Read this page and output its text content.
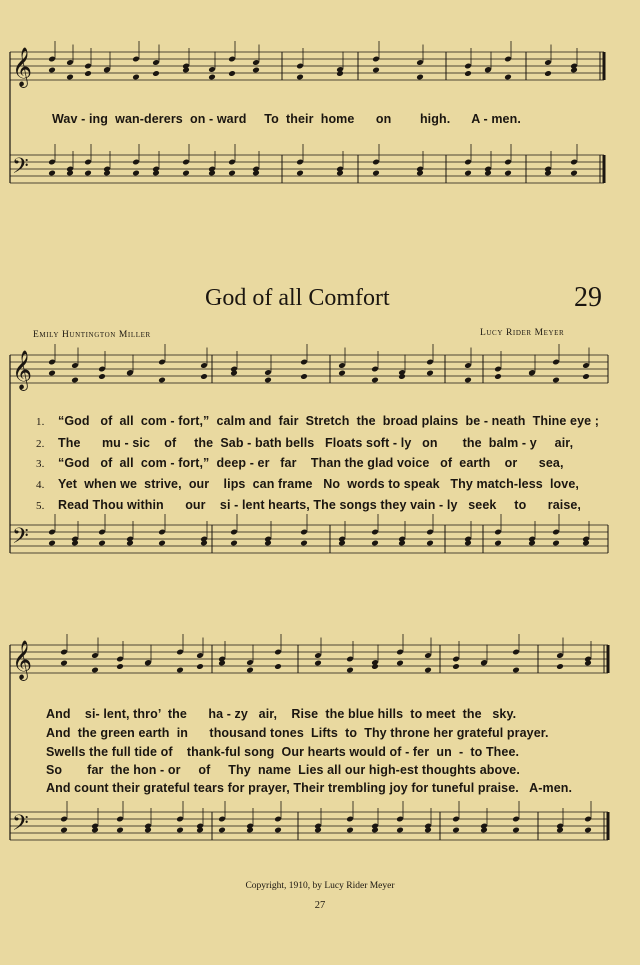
𝄞
𝄢
𝄞
𝄢
𝄞
𝄢
Wav - ing  wan-derers  on - ward     To  their  home      on        high.      A - men.
God of all Comfort	29
Emily Huntington Miller	Lucy Rider Meyer
1. “God   of  all  com - fort,”  calm and  fair  Stretch  the  broad plains  be - neath  Thine eye ;
2. The      mu - sic    of     the  Sab - bath bells   Floats soft - ly   on       the  balm - y     air,
3. “God   of  all  com - fort,”  deep - er   far    Than the glad voice   of  earth    or      sea,
4. Yet  when we  strive,  our    lips  can frame   No  words to speak   Thy match-less  love,
5. Read Thou within      our    si - lent hearts, The songs they vain - ly   seek     to      raise,
And    si- lent, thro’  the      ha - zy   air,    Rise  the blue hills  to meet  the   sky.
And  the green earth  in      thousand tones  Lifts  to  Thy throne her grateful prayer.
Swells the full tide of    thank-ful song  Our hearts would of - fer  un  -  to Thee.
So       far  the hon - or     of     Thy  name  Lies all our high-est thoughts above.
And count their grateful tears for prayer, Their trembling joy for tuneful praise.   A-men.
Copyright, 1910, by Lucy Rider Meyer
27
